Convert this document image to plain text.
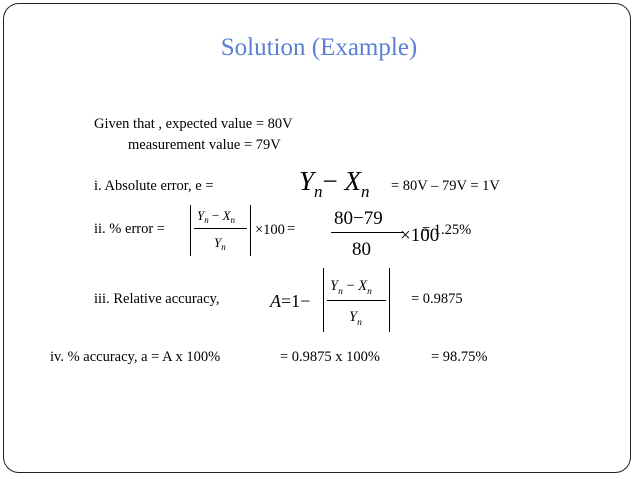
Solution (Example)
Given that , expected value = 80V
measurement value = 79V
i. Absolute error, e =	$Y_n- X_n = 80V - 79V = 1V$
ii. % error =
$Y_n - X_n$
$Y_n$
×100 = 80−79
80
×100
= 1.25%
iii. Relative accuracy,	A=1−
$Y_n - X_n$
$Y_n$
= 0.9875
iv. % accuracy, a = A x 100%	= 0.9875 x 100%	= 98.75%
